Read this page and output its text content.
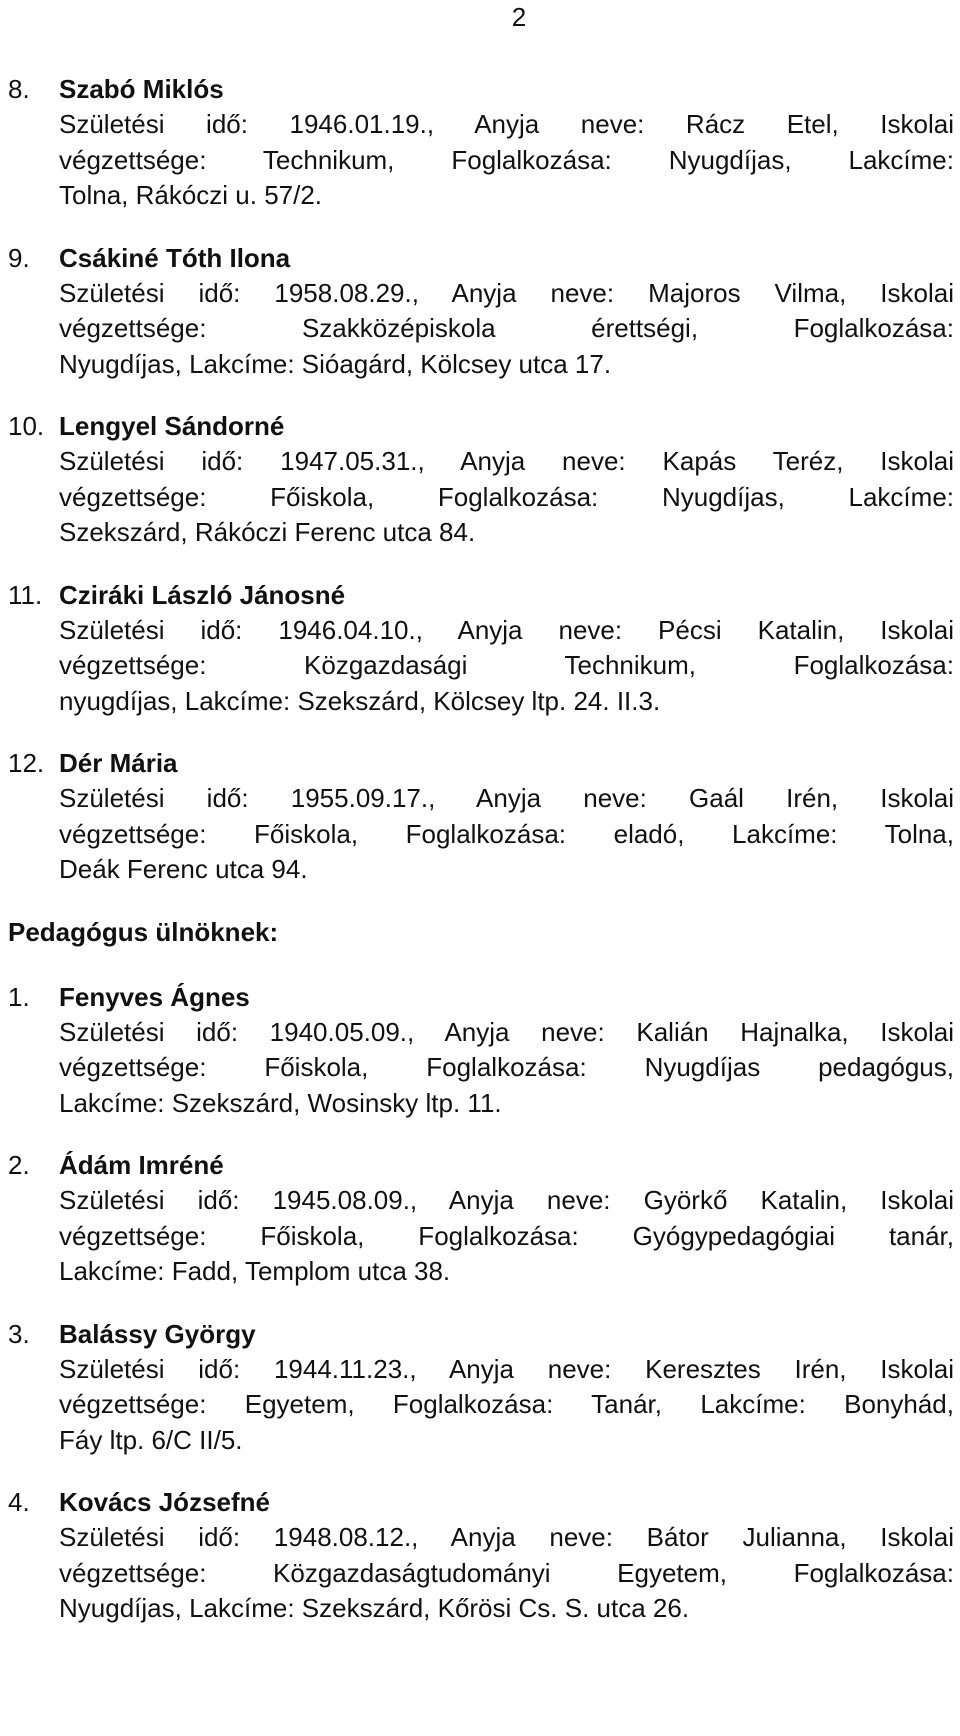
2
8.	Szabó Miklós
Születési idő: 1946.01.19., Anyja neve: Rácz Etel, Iskolai
végzettsége: Technikum, Foglalkozása: Nyugdíjas, Lakcíme:
Tolna, Rákóczi u. 57/2.
9.	Csákiné Tóth Ilona
Születési idő: 1958.08.29., Anyja neve: Majoros Vilma, Iskolai
végzettsége: Szakközépiskola érettségi, Foglalkozása:
Nyugdíjas, Lakcíme: Sióagárd, Kölcsey utca 17.
10. Lengyel Sándorné
Születési idő: 1947.05.31., Anyja neve: Kapás Teréz, Iskolai
végzettsége: Főiskola, Foglalkozása: Nyugdíjas, Lakcíme:
Szekszárd, Rákóczi Ferenc utca 84.
11. Cziráki László Jánosné
Születési idő: 1946.04.10., Anyja neve: Pécsi Katalin, Iskolai
végzettsége: Közgazdasági Technikum, Foglalkozása:
nyugdíjas, Lakcíme: Szekszárd, Kölcsey ltp. 24. II.3.
12. Dér Mária
Születési idő: 1955.09.17., Anyja neve: Gaál Irén, Iskolai
végzettsége: Főiskola, Foglalkozása: eladó, Lakcíme: Tolna,
Deák Ferenc utca 94.
Pedagógus ülnöknek:
1.	Fenyves Ágnes
Születési idő: 1940.05.09., Anyja neve: Kalián Hajnalka, Iskolai
végzettsége: Főiskola, Foglalkozása: Nyugdíjas pedagógus,
Lakcíme: Szekszárd, Wosinsky ltp. 11.
2.	Ádám Imréné
Születési idő: 1945.08.09., Anyja neve: Györkő Katalin, Iskolai
végzettsége: Főiskola, Foglalkozása: Gyógypedagógiai tanár,
Lakcíme: Fadd, Templom utca 38.
3.	Balássy György
Születési idő: 1944.11.23., Anyja neve: Keresztes Irén, Iskolai
végzettsége: Egyetem, Foglalkozása: Tanár, Lakcíme: Bonyhád,
Fáy ltp. 6/C II/5.
4.	Kovács Józsefné
Születési idő: 1948.08.12., Anyja neve: Bátor Julianna, Iskolai
végzettsége: Közgazdaságtudományi Egyetem, Foglalkozása:
Nyugdíjas, Lakcíme: Szekszárd, Kőrösi Cs. S. utca 26.
